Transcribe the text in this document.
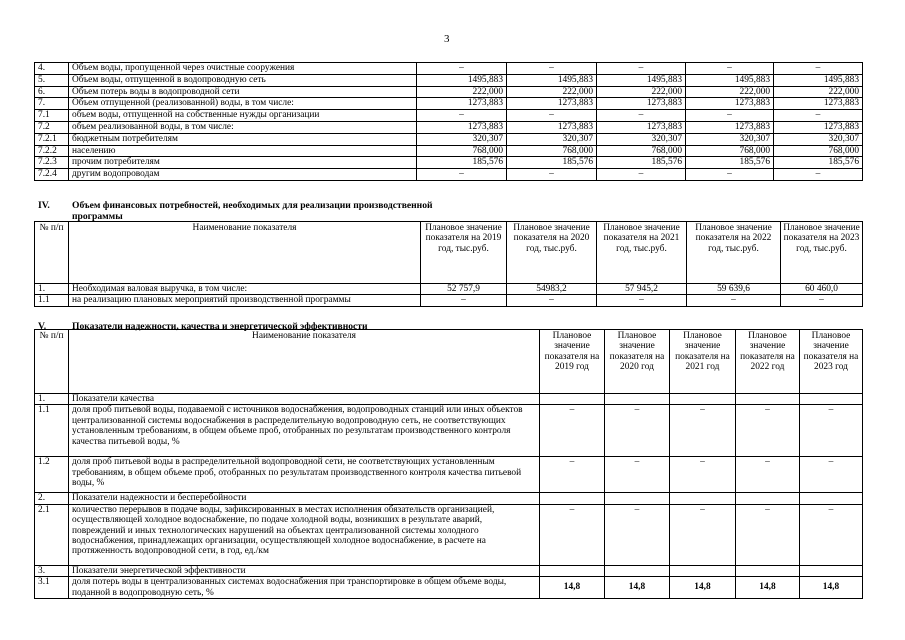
3
4.	Объем воды, пропущенной через очистные сооружения	–	–	–	–	–
5.	Объем воды, отпущенной в водопроводную сеть	1495,883	1495,883	1495,883	1495,883	1495,883
6.	Объем потерь воды в водопроводной сети	222,000	222,000	222,000	222,000	222,000
7.	Объем отпущенной (реализованной) воды, в том числе:	1273,883	1273,883	1273,883	1273,883	1273,883
7.1	объем воды, отпущенной на собственные нужды организации	–	–	–	–	–
7.2	объем реализованной воды, в том числе:	1273,883	1273,883	1273,883	1273,883	1273,883
7.2.1	бюджетным потребителям	320,307	320,307	320,307	320,307	320,307
7.2.2	населению	768,000	768,000	768,000	768,000	768,000
7.2.3	прочим потребителям	185,576	185,576	185,576	185,576	185,576
7.2.4	другим водопроводам	–	–	–	–	–
IV. Объем финансовых потребностей, необходимых для реализации производственной
программы
№ п/п	Наименование показателя	Плановое значение показателя на 2019 год, тыс.руб.	Плановое значение показателя на 2020 год, тыс.руб.	Плановое значение показателя на 2021 год, тыс.руб.	Плановое значение показателя на 2022 год, тыс.руб.	Плановое значение показателя на 2023 год, тыс.руб.
1.	Необходимая валовая выручка, в том числе:	52 757,9	54983,2	57 945,2	59 639,6	60 460,0
1.1	на реализацию плановых мероприятий производственной программы	–	–	–	–	–
V.	Показатели надежности, качества и энергетической эффективности
№ п/п	Наименование показателя	Плановое значение показателя на 2019 год	Плановое значение показателя на 2020 год	Плановое значение показателя на 2021 год	Плановое значение показателя на 2022 год	Плановое значение показателя на 2023 год
1.	Показатели качества					
1.1	доля проб питьевой воды, подаваемой с источников водоснабжения, водопроводных станций или иных объектов централизованной системы водоснабжения в распределительную водопроводную сеть, не соответствующих установленным требованиям, в общем объеме проб, отобранных по результатам производственного контроля качества питьевой воды, %	–	–	–	–	–
1.2	доля проб питьевой воды в распределительной водопроводной сети, не соответствующих установленным требованиям, в общем объеме проб, отобранных по результатам производственного контроля качества питьевой воды, %	–	–	–	–	–
2.	Показатели надежности и бесперебойности					
2.1	количество перерывов в подаче воды, зафиксированных в местах исполнения обязательств организацией, осуществляющей холодное водоснабжение, по подаче холодной воды, возникших в результате аварий, повреждений и иных технологических нарушений на объектах централизованной системы холодного водоснабжения, принадлежащих организации, осуществляющей холодное водоснабжение, в расчете на протяженность водопроводной сети, в год, ед./км	–	–	–	–	–
3.	Показатели энергетической эффективности					
3.1	доля потерь воды в централизованных системах водоснабжения при транспортировке в общем объеме воды, поданной в водопроводную сеть, %	14,8	14,8	14,8	14,8	14,8
